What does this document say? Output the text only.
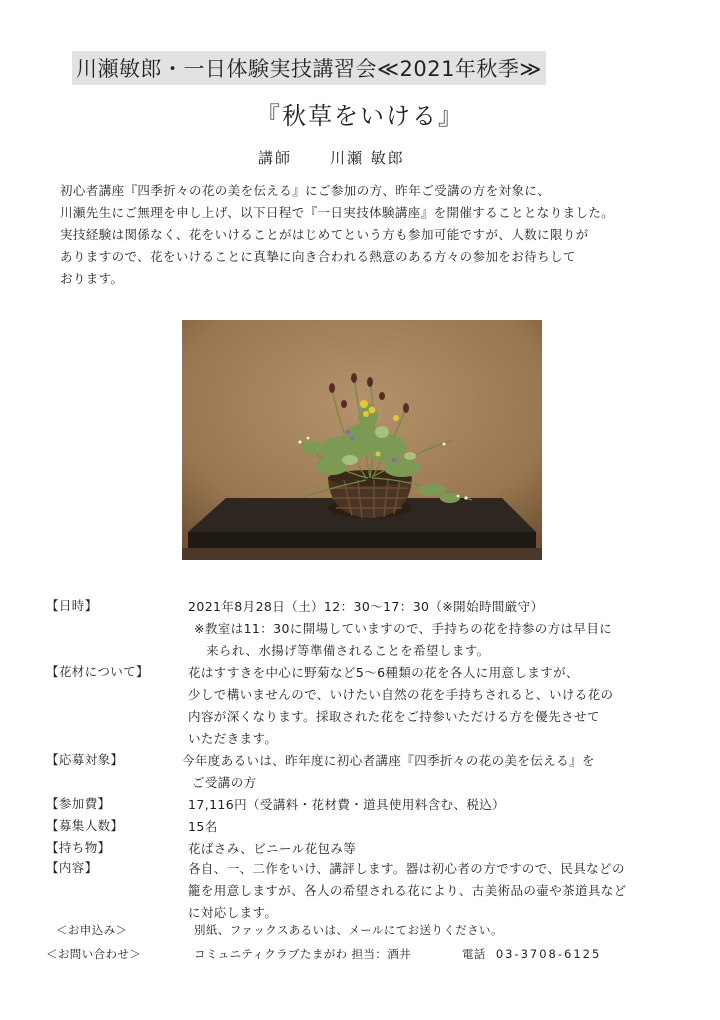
川瀬敏郎・一日体験実技講習会≪2021年秋季≫
『秋草をいける』
講師	川瀬 敏郎

初心者講座『四季折々の花の美を伝える』にご参加の方、昨年ご受講の方を対象に、

川瀬先生にご無理を申し上げ、以下日程で『一日実技体験講座』を開催することとなりました。

実技経験は関係なく、花をいけることがはじめてという方も参加可能ですが、人数に限りが

ありますので、花をいけることに真摯に向き合われる熱意のある方々の参加をお待ちして

おります。

【日時】	2021年8月28日（土）12：30〜17：30（※開始時間厳守）

※教室は11：30に開場していますので、手持ちの花を持参の方は早目に

来られ、水揚げ等準備されることを希望します。

【花材について】	花はすすきを中心に野菊など5〜6種類の花を各人に用意しますが、

少しで構いませんので、いけたい自然の花を手持ちされると、いける花の

内容が深くなります。採取された花をご持参いただける方を優先させて

いただきます。

【応募対象】	今年度あるいは、昨年度に初心者講座『四季折々の花の美を伝える』を

ご受講の方

【参加費】	17,116円（受講料・花材費・道具使用料含む、税込）

【募集人数】	15名

【持ち物】	花ばさみ、ビニール花包み等

【内容】	各自、一、二作をいけ、講評します。器は初心者の方ですので、民具などの

籠を用意しますが、各人の希望される花により、古美術品の壷や茶道具など

に対応します。

＜お申込み＞	別紙、ファックスあるいは、メールにてお送りください。
＜お問い合わせ＞	コミュニティクラブたまがわ 担当：酒井	電話 03-3708-6125
